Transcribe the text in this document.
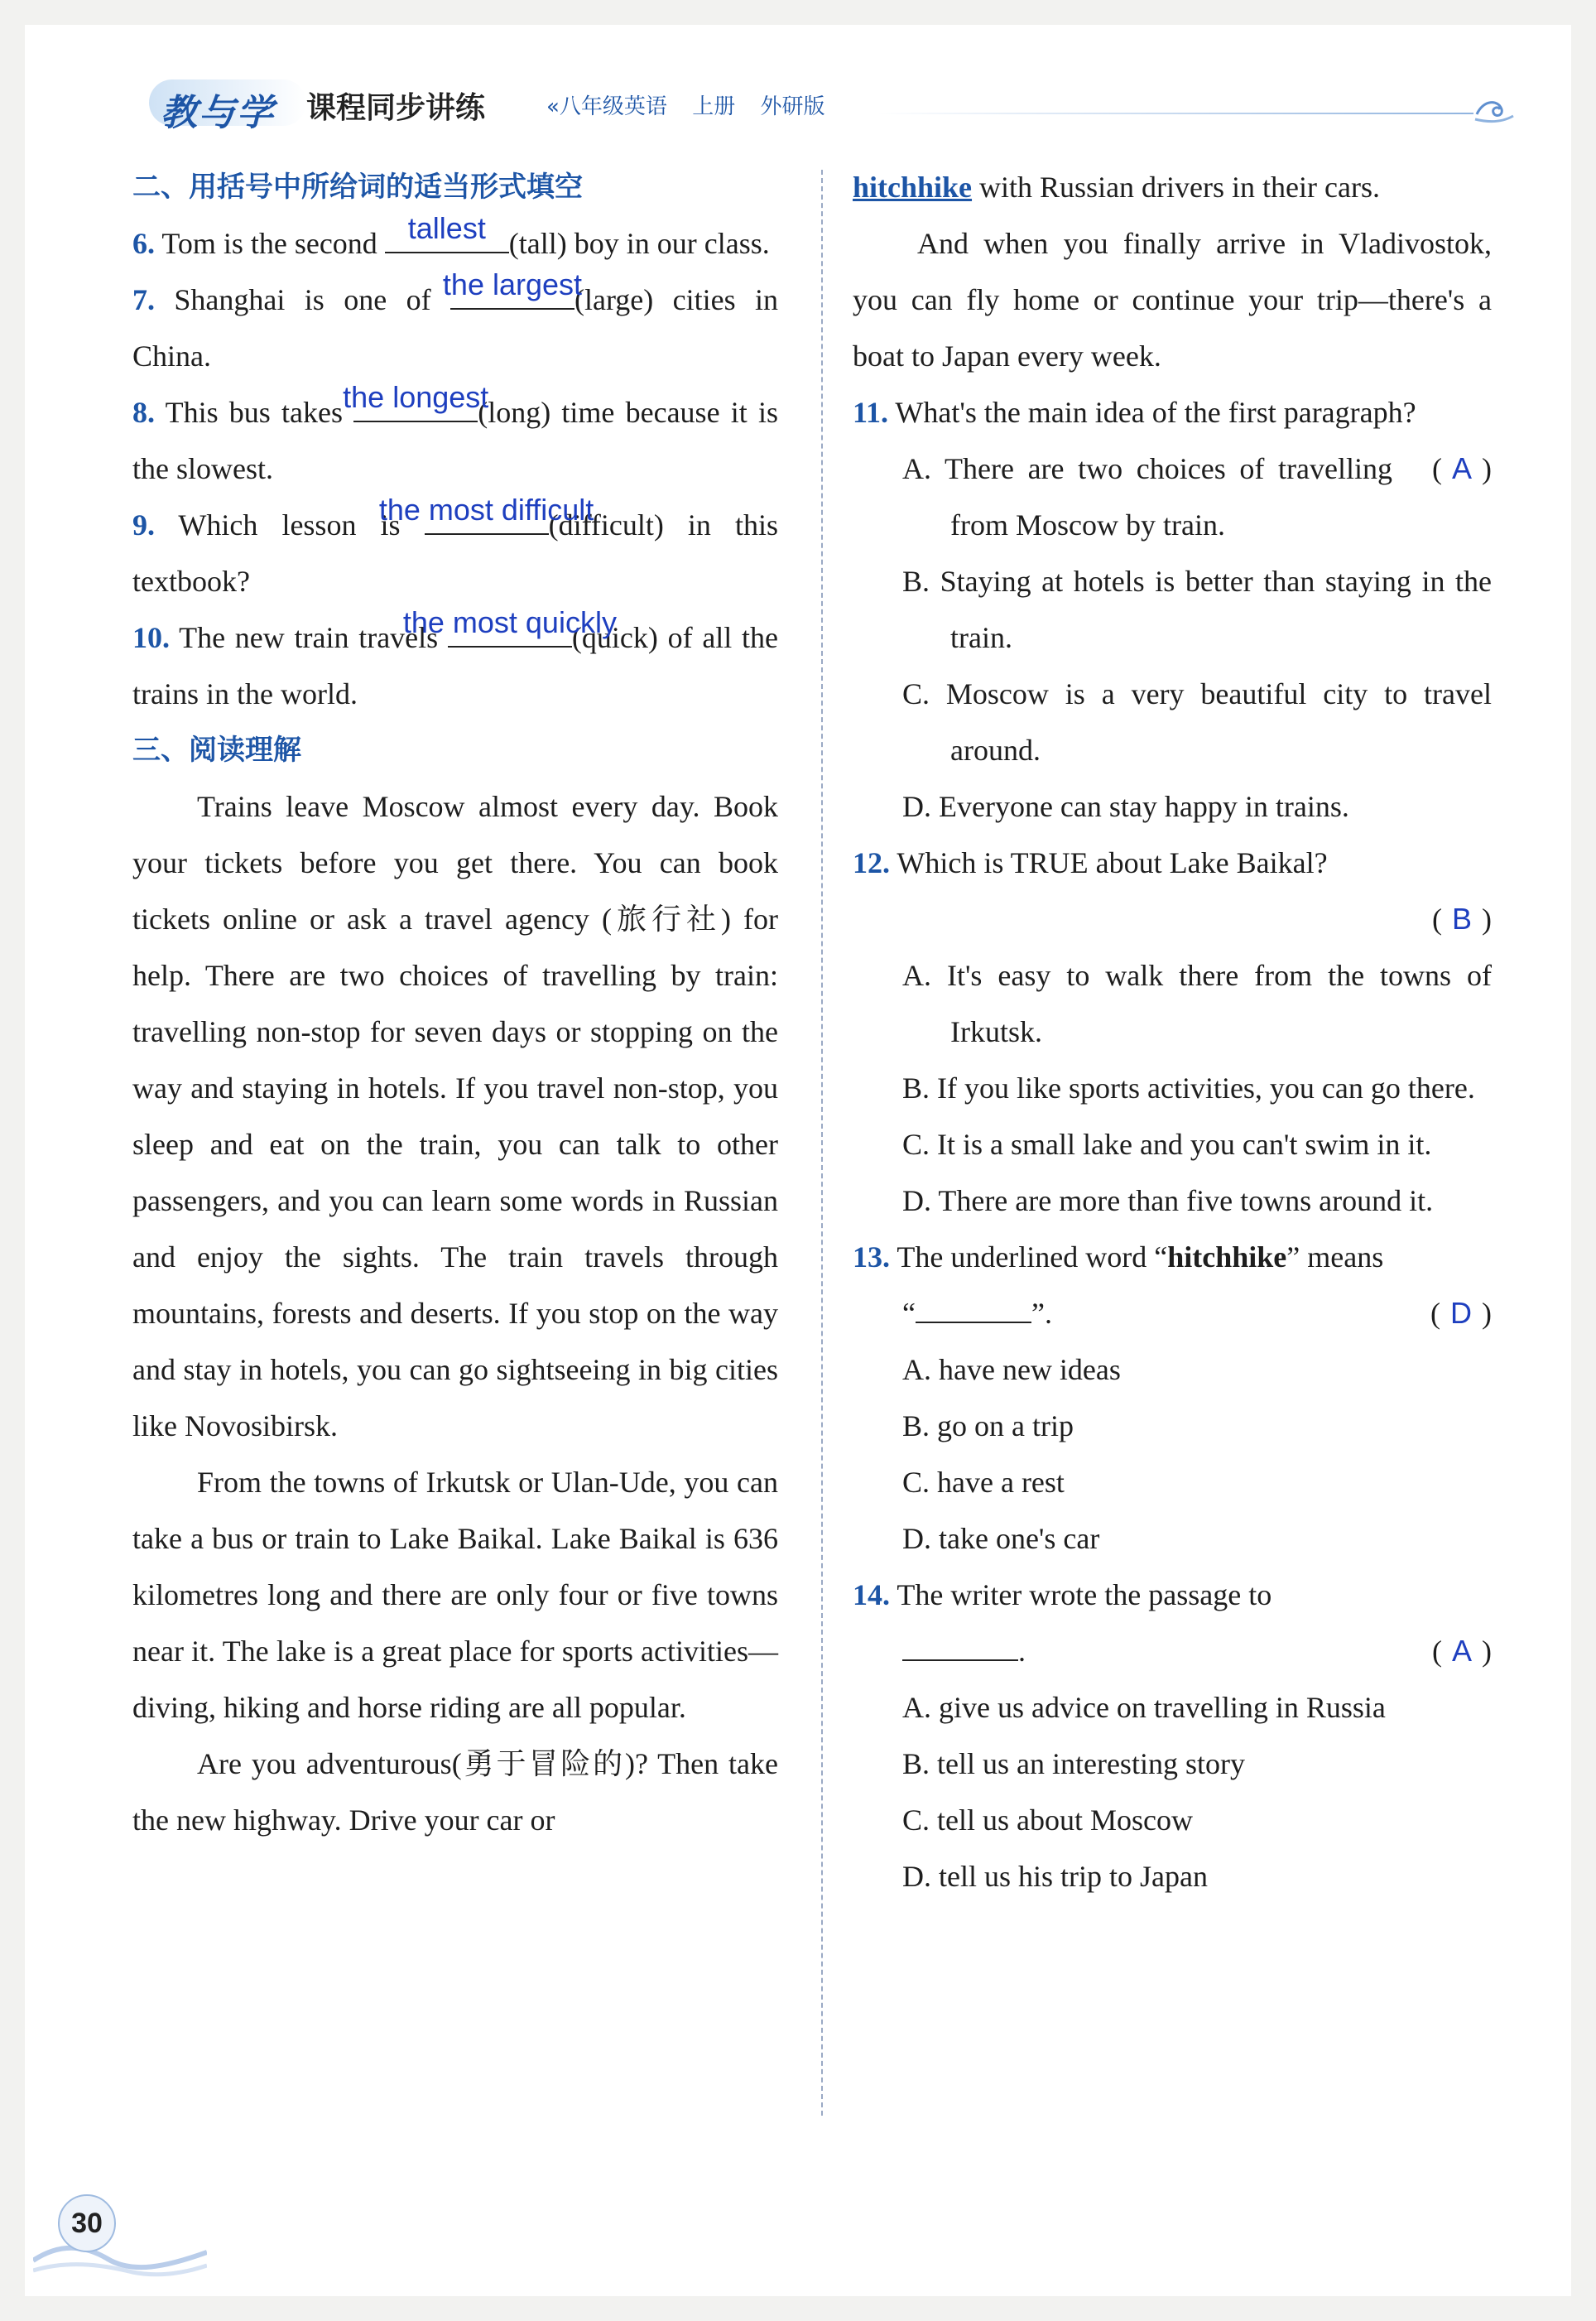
教与学 课程同步讲练	«八年级英语 上册 外研版
二、用括号中所给词的适当形式填空
6. Tom is the second tallest (tall) boy in our class.
7. Shanghai is one of the largest
(large) cities in China.
8. This bus takes the longest
(long) time because it is the slowest.
9. Which lesson is
the most difficult
(difficult) in this textbook?
10. The new train travels
the most quickly
(quick) of all the trains in the world.
三、阅读理解
Trains leave Moscow almost every day. Book your tickets before you get there. You can book tickets online or ask a travel agency (旅行社) for help. There are two choices of travelling by train: travelling non-stop for seven days or stopping on the way and staying in hotels. If you travel non-stop, you sleep and eat on the train, you can talk to other passengers, and you can learn some words in Russian and enjoy the sights. The train travels through mountains, forests and deserts. If you stop on the way and stay in hotels, you can go sightseeing in big cities like Novosibirsk.
From the towns of Irkutsk or Ulan-Ude, you can take a bus or train to Lake Baikal. Lake Baikal is 636 kilometres long and there are only four or five towns near it. The lake is a great place for sports activities—diving, hiking and horse riding are all popular.
Are you adventurous(勇于冒险的)? Then take the new highway. Drive your car or
hitchhike with Russian drivers in their cars.
And when you finally arrive in Vladivostok, you can fly home or continue your trip—there's a boat to Japan every week.
11. What's the main idea of the first paragraph?
( A )
A. There are two choices of travelling from Moscow by train.
B. Staying at hotels is better than staying in the train.
C. Moscow is a very beautiful city to travel around.
D. Everyone can stay happy in trains.
12. Which is TRUE about Lake Baikal?
( B )
A. It's easy to walk there from the towns of Irkutsk.
B. If you like sports activities, you can go there.
C. It is a small lake and you can't swim in it.
D. There are more than five towns around it.
13. The underlined word “hitchhike” means
“	”.	( D )
A. have new ideas
B. go on a trip
C. have a rest
D. take one's car
14. The writer wrote the passage to
.	( A )
A. give us advice on travelling in Russia
B. tell us an interesting story
C. tell us about Moscow
D. tell us his trip to Japan
30
